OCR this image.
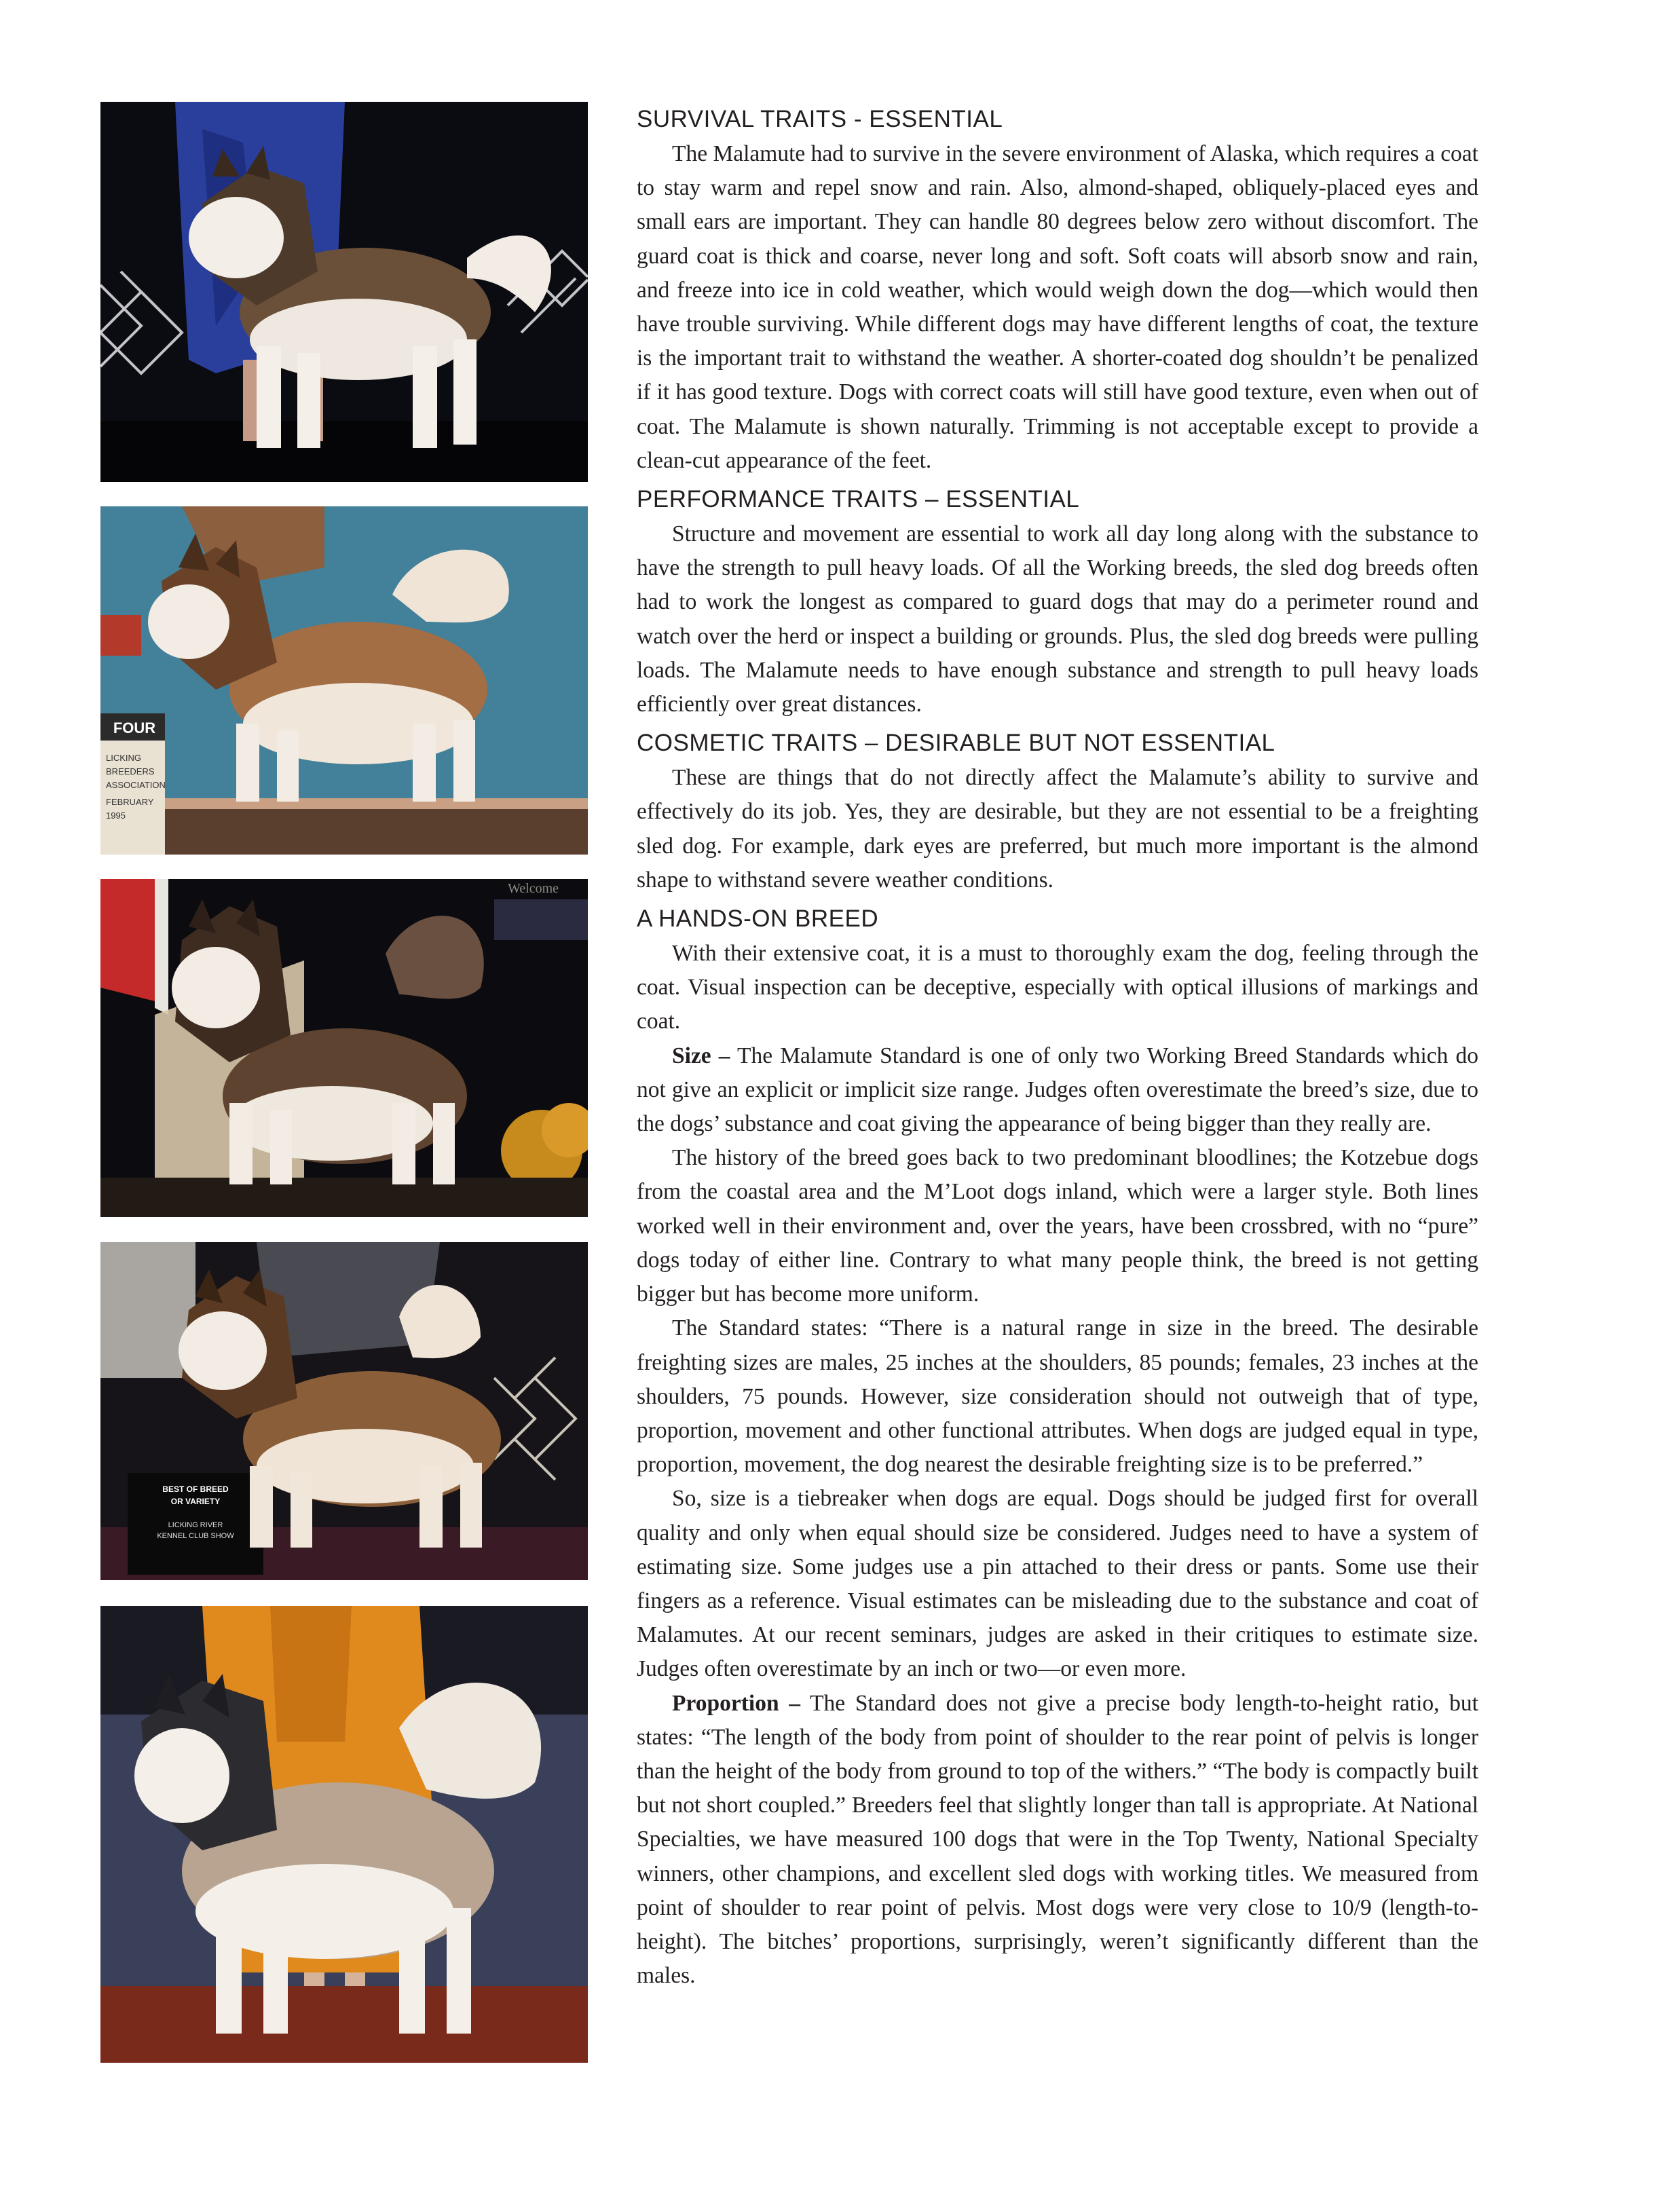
FOUR
LICKING
BREEDERS
ASSOCIATION
FEBRUARY
1995
Welcome
BEST OF BREED
OR VARIETY
LICKING RIVER
KENNEL CLUB SHOW
SURVIVAL TRAITS - ESSENTIAL

The Malamute had to survive in the severe environment of Alaska, which requires a coat to stay warm and repel snow and rain. Also, almond-shaped, obliquely-placed eyes and small ears are important. They can handle 80 degrees below zero without discomfort. The guard coat is thick and coarse, never long and soft. Soft coats will absorb snow and rain, and freeze into ice in cold weather, which would weigh down the dog—which would then have trouble surviving. While different dogs may have different lengths of coat, the texture is the important trait to withstand the weather. A shorter-coated dog shouldn’t be penalized if it has good texture. Dogs with correct coats will still have good texture, even when out of coat. The Malamute is shown naturally. Trimming is not acceptable except to provide a clean-cut appearance of the feet.

PERFORMANCE TRAITS – ESSENTIAL

Structure and movement are essential to work all day long along with the substance to have the strength to pull heavy loads. Of all the Working breeds, the sled dog breeds often had to work the longest as compared to guard dogs that may do a perimeter round and watch over the herd or inspect a building or grounds. Plus, the sled dog breeds were pulling loads. The Malamute needs to have enough substance and strength to pull heavy loads efficiently over great distances.

COSMETIC TRAITS – DESIRABLE BUT NOT ESSENTIAL

These are things that do not directly affect the Malamute’s ability to survive and effectively do its job. Yes, they are desirable, but they are not essential to be a freighting sled dog. For example, dark eyes are preferred, but much more important is the almond shape to withstand severe weather conditions.

A HANDS-ON BREED

With their extensive coat, it is a must to thoroughly exam the dog, feeling through the coat. Visual inspection can be deceptive, especially with optical illusions of markings and coat.

Size – The Malamute Standard is one of only two Working Breed Standards which do not give an explicit or implicit size range. Judges often overestimate the breed’s size, due to the dogs’ substance and coat giving the appearance of being bigger than they really are.

The history of the breed goes back to two predominant bloodlines; the Kotzebue dogs from the coastal area and the M’Loot dogs inland, which were a larger style. Both lines worked well in their environment and, over the years, have been crossbred, with no “pure” dogs today of either line. Contrary to what many people think, the breed is not getting bigger but has become more uniform.

The Standard states: “There is a natural range in size in the breed. The desirable freighting sizes are males, 25 inches at the shoulders, 85 pounds; females, 23 inches at the shoulders, 75 pounds. However, size consideration should not outweigh that of type, proportion, movement and other functional attributes. When dogs are judged equal in type, proportion, movement, the dog nearest the desirable freighting size is to be preferred.”

So, size is a tiebreaker when dogs are equal. Dogs should be judged first for overall quality and only when equal should size be considered. Judges need to have a system of estimating size. Some judges use a pin attached to their dress or pants. Some use their fingers as a reference. Visual estimates can be misleading due to the substance and coat of Malamutes. At our recent seminars, judges are asked in their critiques to estimate size. Judges often overestimate by an inch or two—or even more.

Proportion – The Standard does not give a precise body length-to-height ratio, but states: “The length of the body from point of shoulder to the rear point of pelvis is longer than the height of the body from ground to top of the withers.” “The body is compactly built but not short coupled.” Breeders feel that slightly longer than tall is appropriate. At National Specialties, we have measured 100 dogs that were in the Top Twenty, National Specialty winners, other champions, and excellent sled dogs with working titles. We measured from point of shoulder to rear point of pelvis. Most dogs were very close to 10/9 (length-to-height). The bitches’ proportions, surprisingly, weren’t significantly different than the males.
